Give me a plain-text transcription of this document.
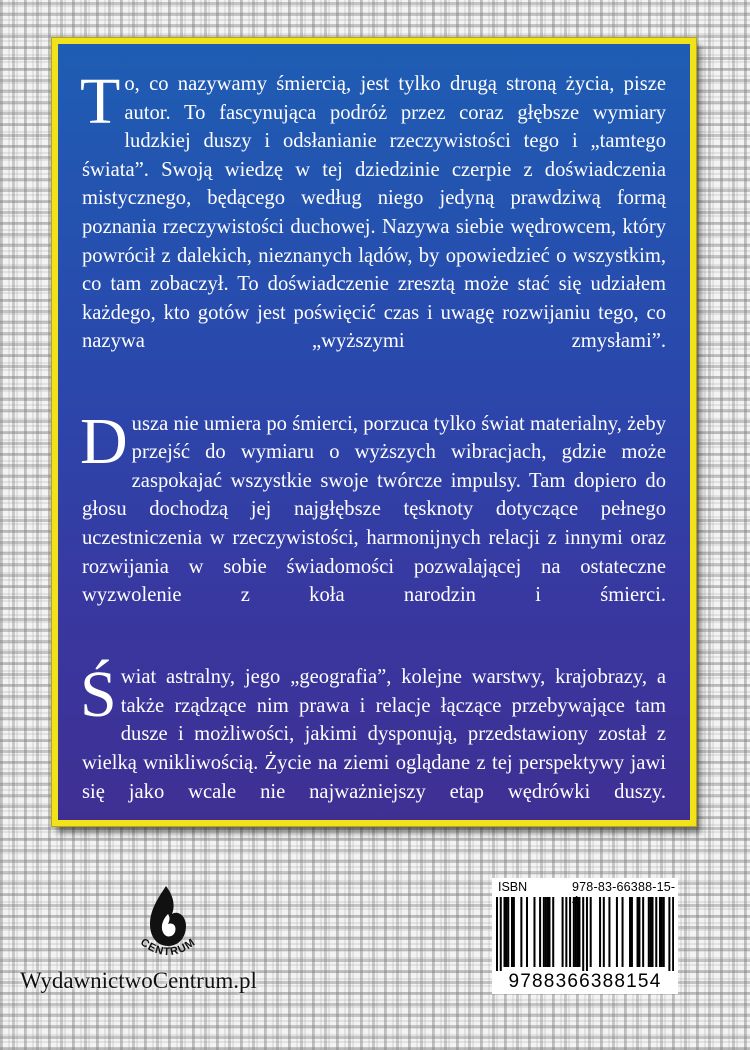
To, co nazywamy śmiercią, jest tylko drugą stroną życia, pisze autor. To fascynująca podróż przez coraz głębsze wymiary ludzkiej duszy i odsłanianie rzeczywistości tego i „tamtego świata”. Swoją wiedzę w tej dziedzinie czerpie z doświadczenia mistycznego, będącego według niego jedyną prawdziwą formą poznania rzeczywistości duchowej. Nazywa siebie wędrowcem, który powrócił z dalekich, nieznanych lądów, by opowiedzieć o wszystkim, co tam zobaczył. To doświadczenie zresztą może stać się udziałem każdego, kto gotów jest poświęcić czas i uwagę rozwijaniu tego, co nazywa „wyższymi zmysłami”.

Dusza nie umiera po śmierci, porzuca tylko świat materialny, żeby przejść do wymiaru o wyższych wibracjach, gdzie może zaspokajać wszystkie swoje twórcze impulsy. Tam dopiero do głosu dochodzą jej najgłębsze tęsknoty dotyczące pełnego uczestniczenia w rzeczywistości, harmonijnych relacji z innymi oraz rozwijania w sobie świadomości pozwalającej na ostateczne wyzwolenie z koła narodzin i śmierci.

Świat astralny, jego „geografia”, kolejne warstwy, krajobrazy, a także rządzące nim prawa i relacje łączące przebywające tam dusze i możliwości, jakimi dysponują, przedstawiony został z wielką wnikliwością. Życie na ziemi oglądane z tej perspektywy jawi się jako wcale nie najważniejszy etap wędrówki duszy.

CENTRUM
WydawnictwoCentrum.pl
ISBN	978-83-66388-15-
9788366388154
